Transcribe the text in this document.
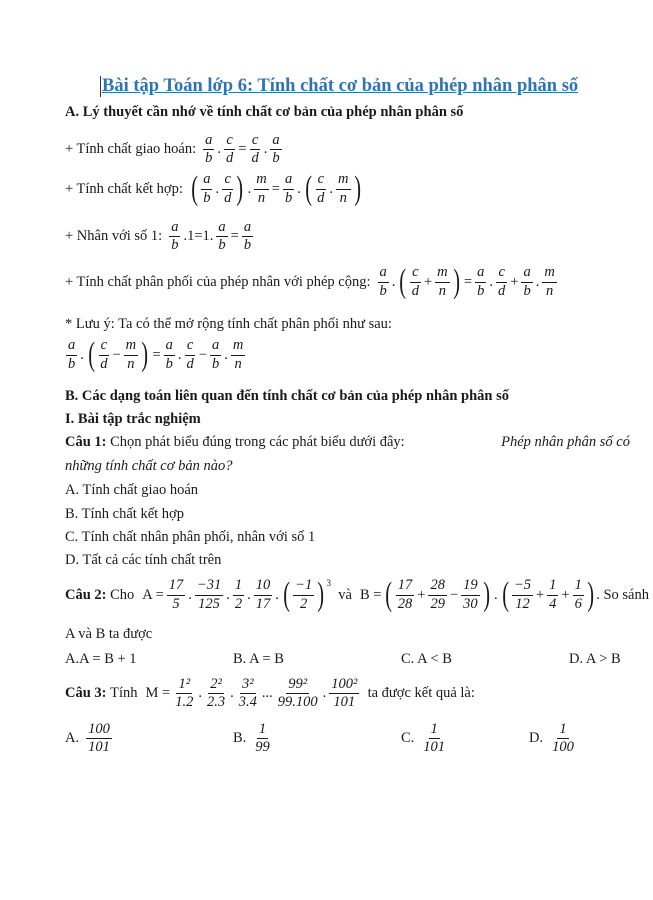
Bài tập Toán lớp 6: Tính chất cơ bản của phép nhân phân số
A. Lý thuyết cần nhớ về tính chất cơ bản của phép nhân phân số
+ Tính chất giao hoán: $\frac{a}{b}$ . $\frac{c}{d} = \frac{c}{d}$ . $\frac{a}{b}$
+ Tính chất kết hợp: ( $\frac{a}{b}$ . $\frac{c}{d}$ ) . $\frac{m}{n} = \frac{a}{b}$ . ( $\frac{c}{d}$ . $\frac{m}{n}$ )
+ Nhân với số 1: $\frac{a}{b} .1=1$. $\frac{a}{b} = \frac{a}{b}$
+ Tính chất phân phối của phép nhân với phép cộng: $\frac{a}{b}$ . ( $\frac{c}{d} + \frac{m}{n}$ ) = $\frac{a}{b}$ . $\frac{c}{d} + \frac{a}{b}$ . $\frac{m}{n}$
* Lưu ý: Ta có thể mở rộng tính chất phân phối như sau:
$\frac{a}{b}$ . ( $\frac{c}{d} - \frac{m}{n}$ ) = $\frac{a}{b}$ . $\frac{c}{d} - \frac{a}{b}$ . $\frac{m}{n}$
B. Các dạng toán liên quan đến tính chất cơ bản của phép nhân phân số
I. Bài tập trắc nghiệm
Câu 1: Chọn phát biểu đúng trong các phát biểu dưới đây:	Phép nhân phân số có
những tính chất cơ bản nào?
A. Tính chất giao hoán
B. Tính chất kết hợp
C. Tính chất nhân phân phối, nhân với số 1
D. Tất cả các tính chất trên
Câu 2:
Cho $A = \frac{17}{5}$ . $\frac{-31}{125}$ . $\frac{1}{2}$ . $\frac{10}{17}$ . ( $\frac{-1}{2}$ ) $^3$

và B = ( $\frac{17}{28} + \frac{28}{29} - \frac{19}{30}$ ) . ( $\frac{-5}{12} + \frac{1}{4} + \frac{1}{6}$ ) . So sánh
A và B ta được
A.A = B + 1	B. A = B	C. A < B	D. A > B
Câu 3:
Tính $M = \frac{\text{1²}}{1.2}$ . $\frac{\text{2²}}{2.3}$ . $\frac{\text{3²}}{3.4}$ ... $\frac{\text{99²}}{99.100}$ . $\frac{\text{100²}}{101}$
ta được kết quả là:
A. $\frac{100}{101}$	B. $\frac{1}{99}$	C. $\frac{1}{101}$	D. $\frac{1}{100}$
